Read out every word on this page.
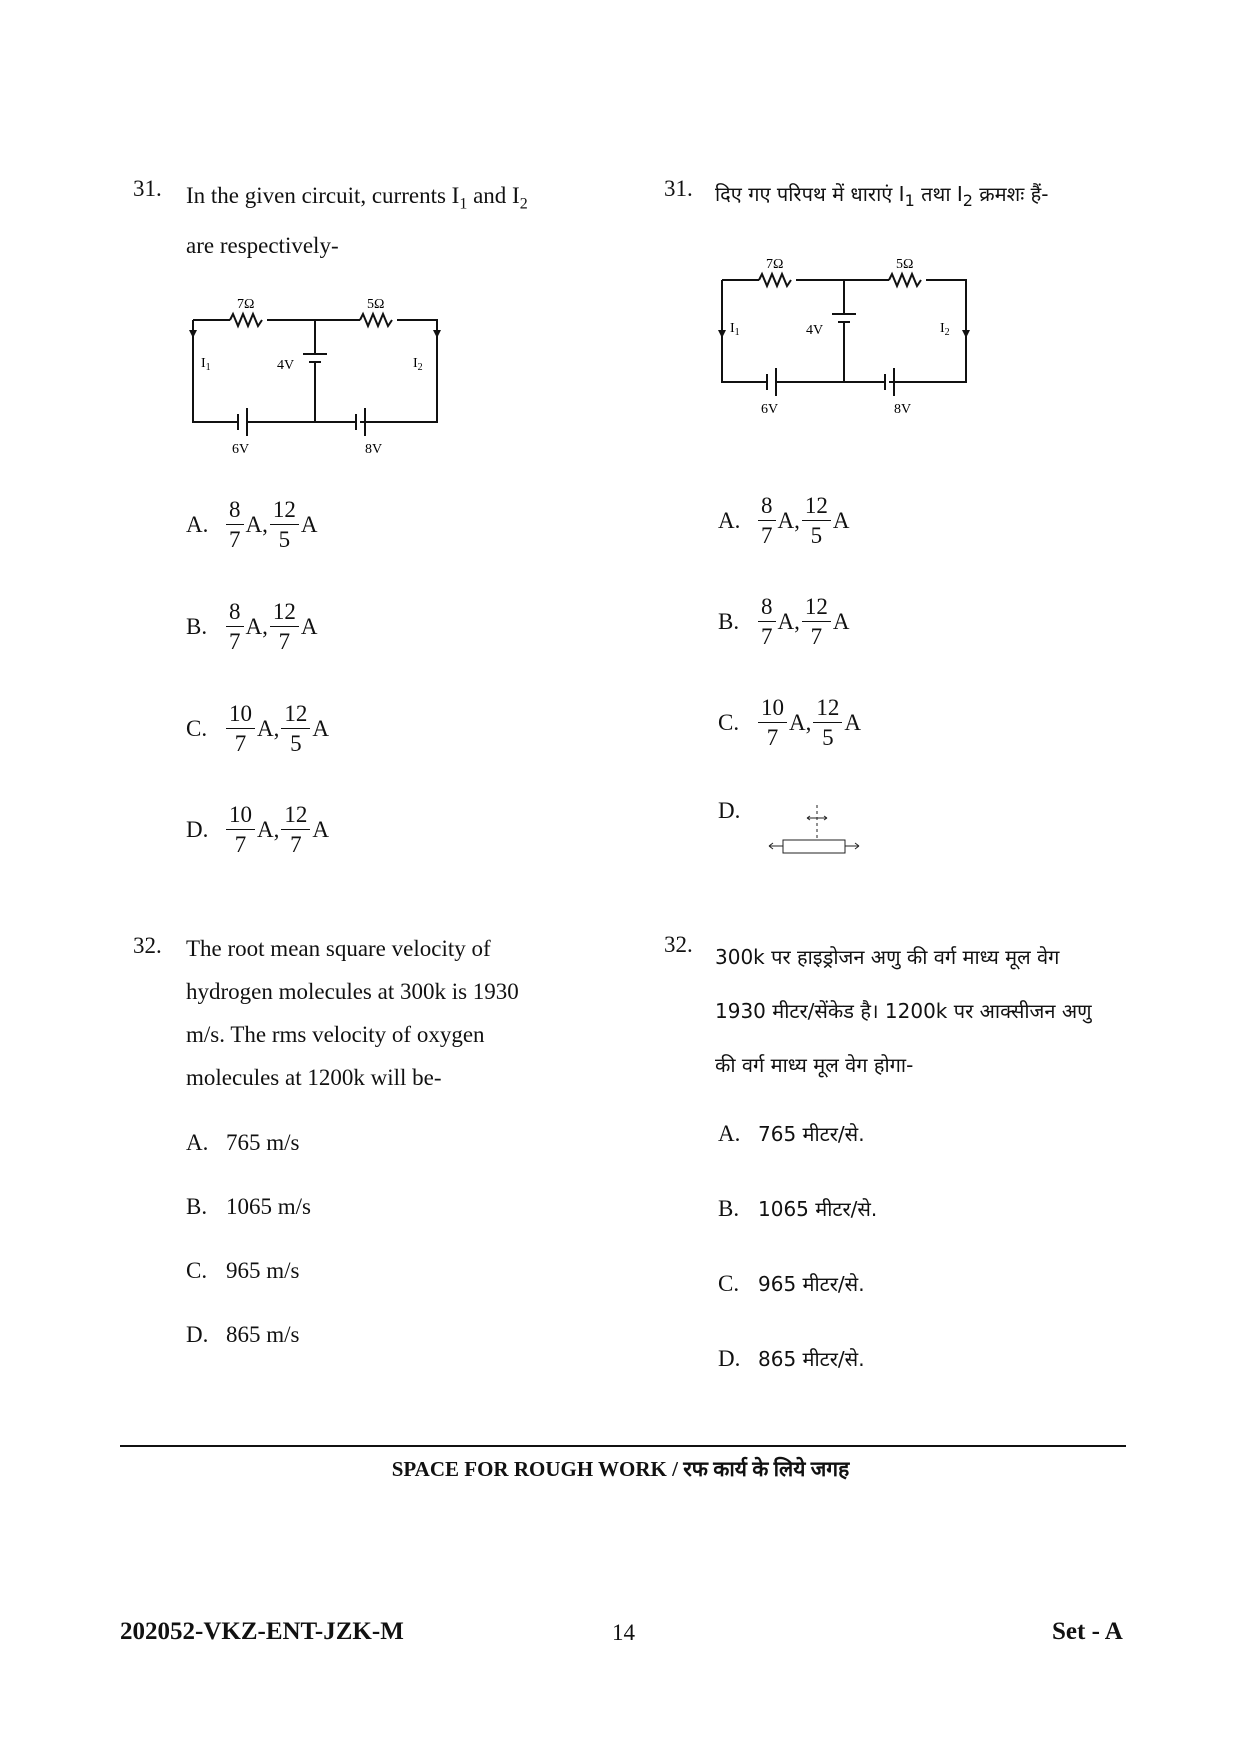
31. In the given circuit, currents $I_1$ and $I_2$
are respectively-
7Ω	5Ω
4V
$I_1$	$I_2$
6V	8V
A. $\frac{8}{7} A$, $\frac{12}{5}$ A
B. $\frac{8}{7} A$, $\frac{12}{7}$ A
C. $\frac{10}{7} A$, $\frac{12}{5}$ A
D. $\frac{10}{7} A$, $\frac{12}{7}$ A
32. The root mean square velocity of
hydrogen molecules at 300k is 1930
m/s. The rms velocity of oxygen
molecules at 1200k will be-
A. 765 m/s
B. 1065 m/s
C. 965 m/s
D. 865 m/s
31. दिए गए परिपथ में धाराएं $I_1$ तथा $I_2$ क्रमशः हैं-
7Ω	5Ω
4V
$I_1$	$I_2$
6V	8V
A. $\frac{8}{7} A$, $\frac{12}{5}$ A
B. $\frac{8}{7} A$, $\frac{12}{7}$ A
C. $\frac{10}{7} A$, $\frac{12}{5}$ A
D.
32. 300k पर हाइड्रोजन अणु की वर्ग माध्य मूल वेग
1930 मीटर/सेंकेड है। 1200k पर आक्सीजन अणु
की वर्ग माध्य मूल वेग होगा-
A. 765 मीटर/से.
B. 1065 मीटर/से.
C. 965 मीटर/से.
D. 865 मीटर/से.
SPACE FOR ROUGH WORK / रफ कार्य के लिये जगह
202052-VKZ-ENT-JZK-M	14	Set - A
